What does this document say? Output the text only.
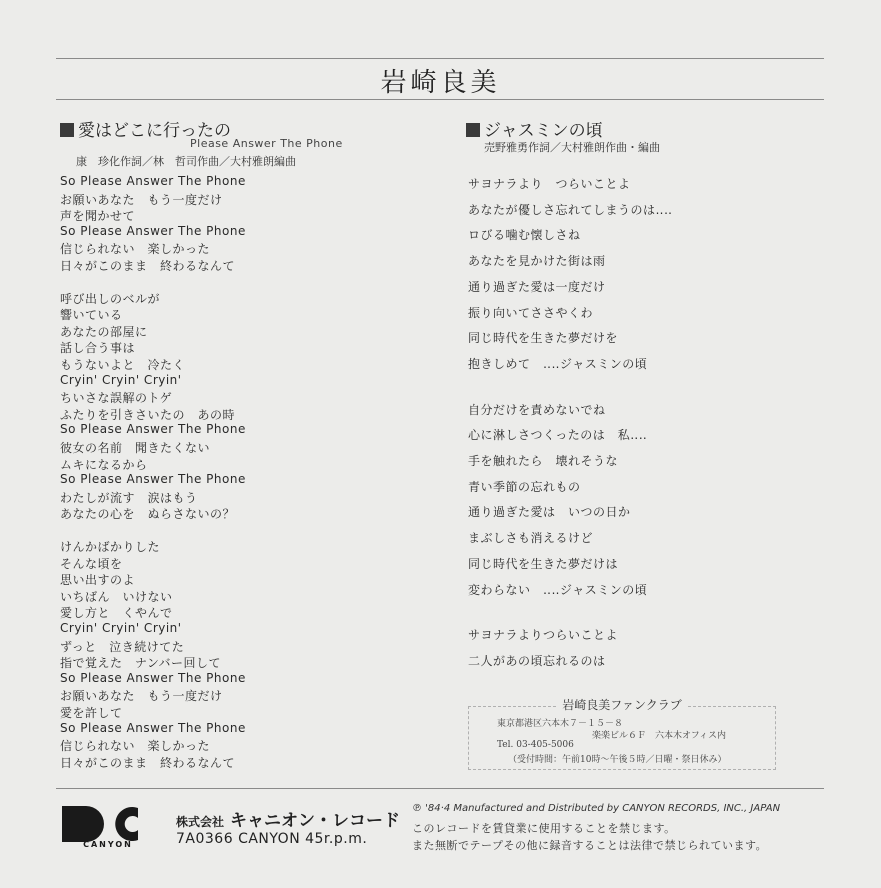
岩崎良美
愛はどこに行ったの
Please Answer The Phone
康　珍化作詞／林　哲司作曲／大村雅朗編曲
So Please Answer The Phone
お願いあなた　もう一度だけ
声を聞かせて
So Please Answer The Phone
信じられない　楽しかった
日々がこのまま　終わるなんて
呼び出しのベルが
響いている
あなたの部屋に
話し合う事は
もうないよと　冷たく
Cryin' Cryin' Cryin'
ちいさな誤解のトゲ
ふたりを引きさいたの　あの時
So Please Answer The Phone
彼女の名前　聞きたくない
ムキになるから
So Please Answer The Phone
わたしが流す　涙はもう
あなたの心を　ぬらさないの？
けんかばかりした
そんな頃を
思い出すのよ
いちばん　いけない
愛し方と　くやんで
Cryin' Cryin' Cryin'
ずっと　泣き続けてた
指で覚えた　ナンバー回して
So Please Answer The Phone
お願いあなた　もう一度だけ
愛を許して
So Please Answer The Phone
信じられない　楽しかった
日々がこのまま　終わるなんて
ジャスミンの頃
売野雅勇作詞／大村雅朗作曲・編曲
サヨナラより　つらいことよ
あなたが優しさ忘れてしまうのは‥‥
ロびる噛む懐しさね
あなたを見かけた街は雨
通り過ぎた愛は一度だけ
振り向いてささやくわ
同じ時代を生きた夢だけを
抱きしめて　‥‥ジャスミンの頃
自分だけを責めないでね
心に淋しさつくったのは　私‥‥
手を触れたら　壊れそうな
青い季節の忘れもの
通り過ぎた愛は　いつの日か
まぶしさも消えるけど
同じ時代を生きた夢だけは
変わらない　‥‥ジャスミンの頃
サヨナラよりつらいことよ
二人があの頃忘れるのは
岩崎良美ファンクラブ
東京都港区六本木７－１５－８
楽楽ビル６Ｆ　六本木オフィス内
Tel. 03-405-5006
（受付時間：午前10時～午後５時／日曜・祭日休み）
CANYON
株式会社 キャニオン・レコード
7A0366 CANYON 45r.p.m.
℗ '84·4 Manufactured and Distributed by CANYON RECORDS, INC., JAPAN
このレコードを賃貸業に使用することを禁じます。
また無断でテープその他に録音することは法律で禁じられています。
